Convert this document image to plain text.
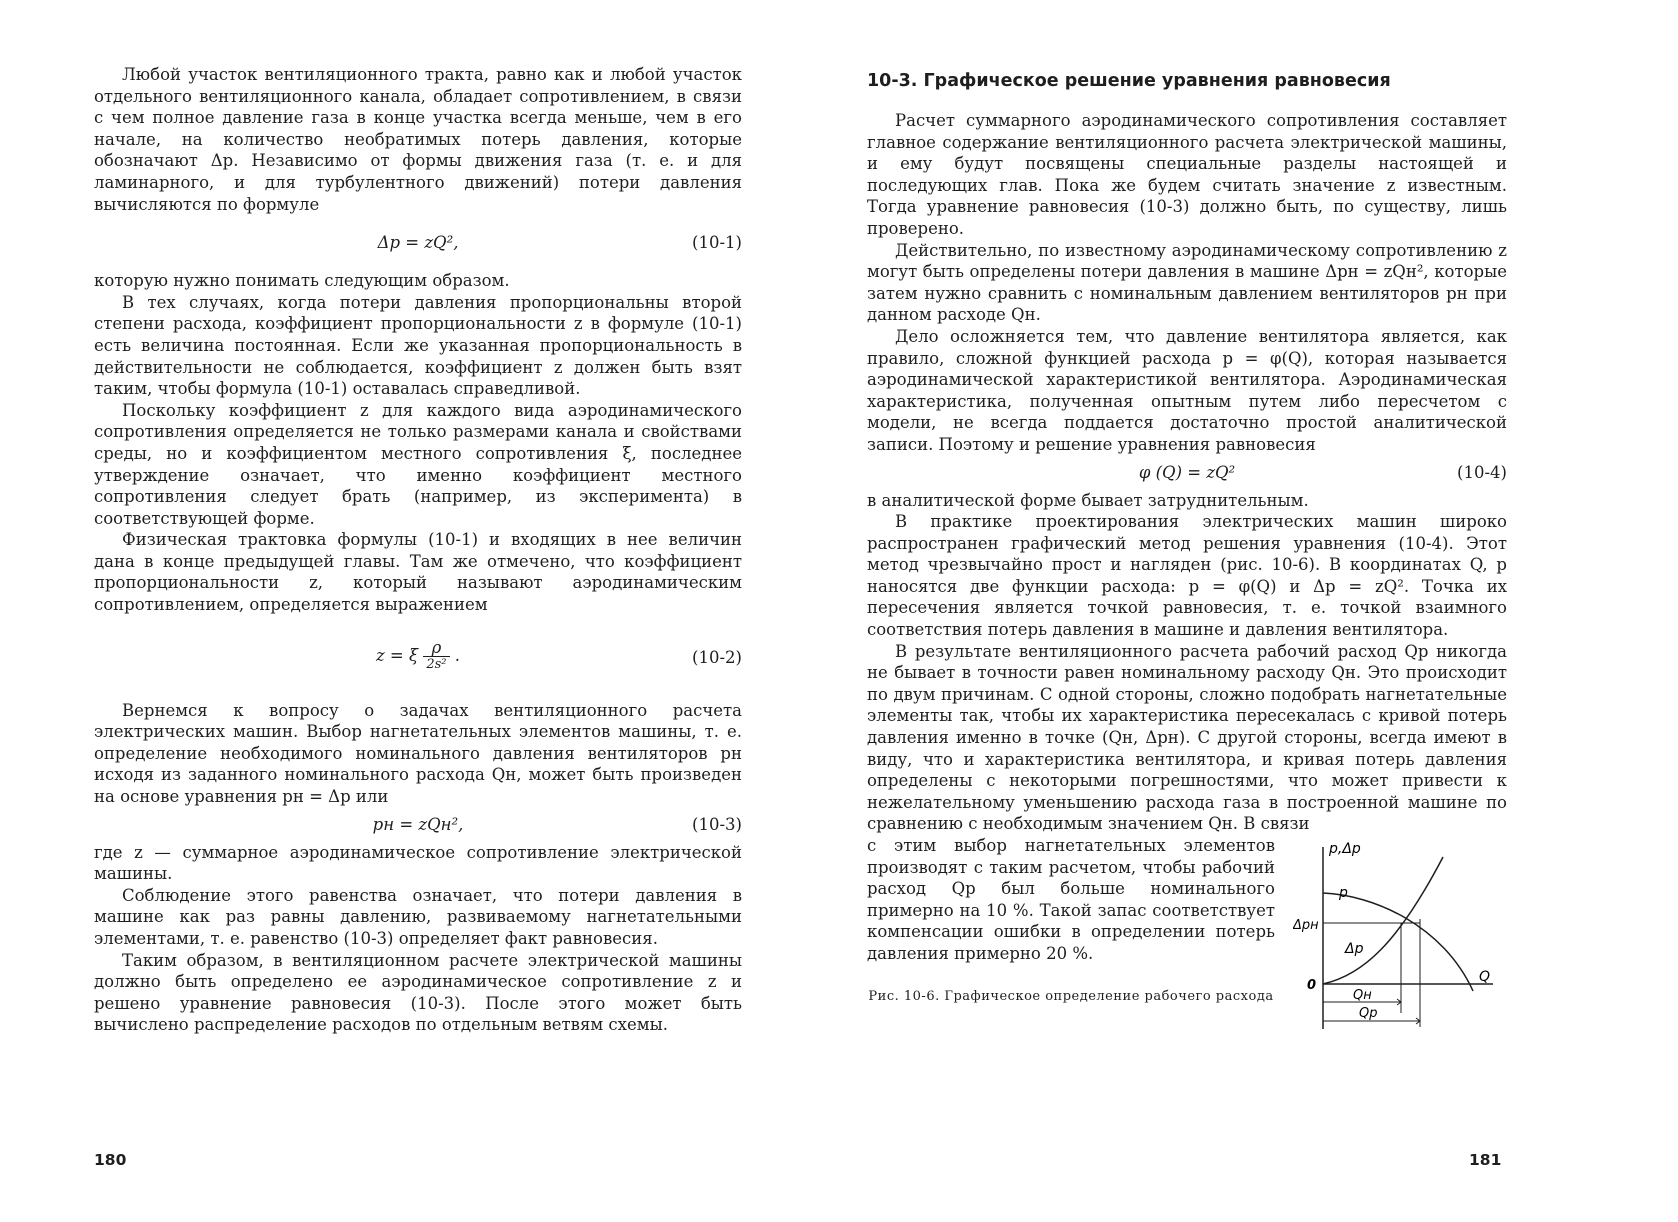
Любой участок вентиляционного тракта, равно как и любой участок отдельного вентиляционного канала, обладает сопротивлением, в связи с чем полное давление газа в конце участка всегда меньше, чем в его начале, на количество необратимых потерь давления, которые обозначают Δp. Независимо от формы движения газа (т. е. и для ламинарного, и для турбулентного движений) потери давления вычисляются по формуле

Δp = zQ²,	(10-1)

которую нужно понимать следующим образом.

В тех случаях, когда потери давления пропорциональны второй степени расхода, коэффициент пропорциональности z в формуле (10-1) есть величина постоянная. Если же указанная пропорциональность в действительности не соблюдается, коэффициент z должен быть взят таким, чтобы формула (10-1) оставалась справедливой.

Поскольку коэффициент z для каждого вида аэродинамического сопротивления определяется не только размерами канала и свойствами среды, но и коэффициентом местного сопротивления ξ, последнее утверждение означает, что именно коэффициент местного сопротивления следует брать (например, из эксперимента) в соответствующей форме.

Физическая трактовка формулы (10-1) и входящих в нее величин дана в конце предыдущей главы. Там же отмечено, что коэффициент пропорциональности z, который называют аэродинамическим сопротивлением, определяется выражением

z = ξ $\frac{\rho}{\text{2s²}}$ .	(10-2)

Вернемся к вопросу о задачах вентиляционного расчета электрических машин. Выбор нагнетательных элементов машины, т. е. определение необходимого номинального давления вентиляторов pн исходя из заданного номинального расхода Qн, может быть произведен на основе уравнения pн = Δp или

pн = zQн²,	(10-3)

где z — суммарное аэродинамическое сопротивление электрической машины.

Соблюдение этого равенства означает, что потери давления в машине как раз равны давлению, развиваемому нагнетательными элементами, т. е. равенство (10-3) определяет факт равновесия.

Таким образом, в вентиляционном расчете электрической машины должно быть определено ее аэродинамическое сопротивление z и решено уравнение равновесия (10-3). После этого может быть вычислено распределение расходов по отдельным ветвям схемы.

180
10-3. Графическое решение уравнения равновесия

Расчет суммарного аэродинамического сопротивления составляет главное содержание вентиляционного расчета электрической машины, и ему будут посвящены специальные разделы настоящей и последующих глав. Пока же будем считать значение z известным. Тогда уравнение равновесия (10-3) должно быть, по существу, лишь проверено.

Действительно, по известному аэродинамическому сопротивлению z могут быть определены потери давления в машине Δpн = zQн², которые затем нужно сравнить с номинальным давлением вентиляторов pн при данном расходе Qн.

Дело осложняется тем, что давление вентилятора является, как правило, сложной функцией расхода p = φ(Q), которая называется аэродинамической характеристикой вентилятора. Аэродинамическая характеристика, полученная опытным путем либо пересчетом с модели, не всегда поддается достаточно простой аналитической записи. Поэтому и решение уравнения равновесия

φ (Q) = zQ²	(10-4)

в аналитической форме бывает затруднительным.

В практике проектирования электрических машин широко распространен графический метод решения уравнения (10-4). Этот метод чрезвычайно прост и нагляден (рис. 10-6). В координатах Q, p наносятся две функции расхода: p = φ(Q) и Δp = zQ². Точка их пересечения является точкой равновесия, т. е. точкой взаимного соответствия потерь давления в машине и давления вентилятора.

В результате вентиляционного расчета рабочий расход Qp никогда не бывает в точности равен номинальному расходу Qн. Это происходит по двум причинам. С одной стороны, сложно подобрать нагнетательные элементы так, чтобы их характеристика пересекалась с кривой потерь давления именно в точке (Qн, Δpн). С другой стороны, всегда имеют в виду, что и характеристика вентилятора, и кривая потерь давления определены с некоторыми погрешностями, что может привести к нежелательному уменьшению расхода газа в построенной машине по сравнению с необходимым значением Qн. В связи

с этим выбор нагнетательных элементов производят с таким расчетом, чтобы рабочий расход Qp был больше номинального примерно на 10 %. Такой запас соответствует компенсации ошибки в определении потерь давления примерно 20 %.

Рис. 10-6. Графическое определение рабочего расхода
p,Δp
p
Δp
Δpн
0
Q
Qн
Qp
181
